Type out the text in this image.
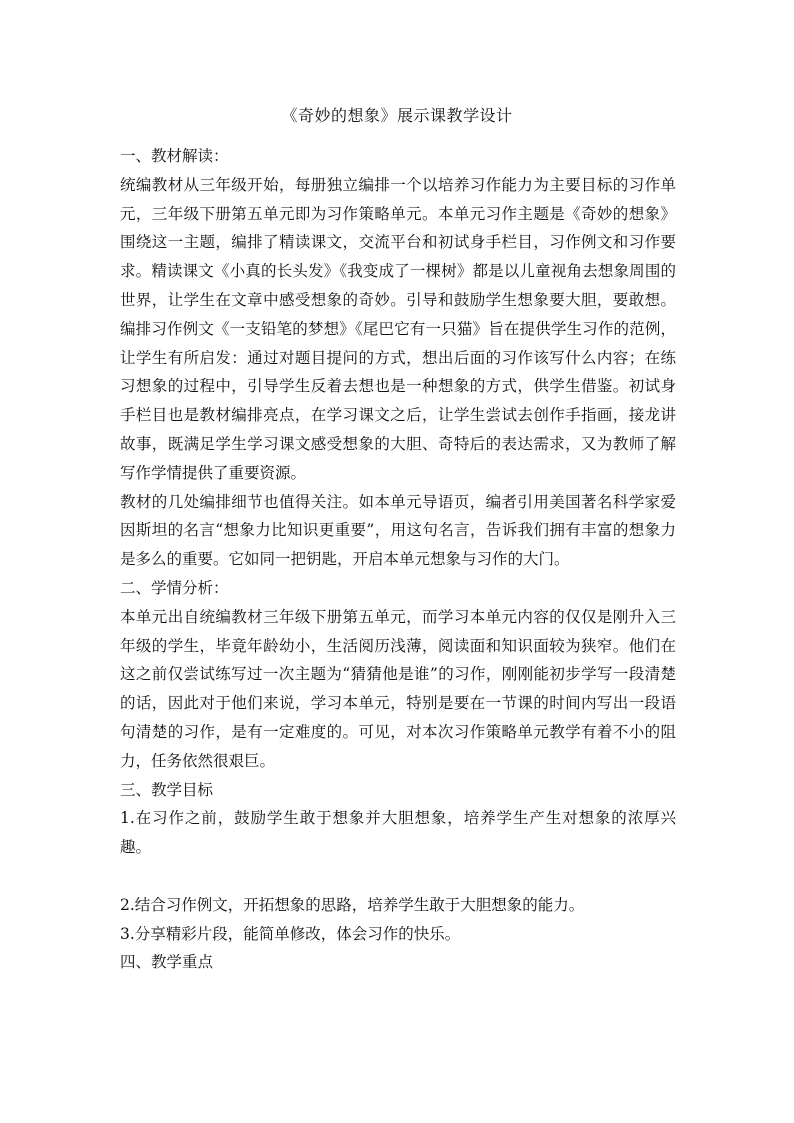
《奇妙的想象》展示课教学设计

一、教材解读：

统编教材从三年级开始，每册独立编排一个以培养习作能力为主要目标的习作单元，三年级下册第五单元即为习作策略单元。本单元习作主题是《奇妙的想象》围绕这一主题，编排了精读课文，交流平台和初试身手栏目，习作例文和习作要求。精读课文《小真的长头发》《我变成了一棵树》都是以儿童视角去想象周围的世界，让学生在文章中感受想象的奇妙。引导和鼓励学生想象要大胆，要敢想。编排习作例文《一支铅笔的梦想》《尾巴它有一只猫》旨在提供学生习作的范例，让学生有所启发：通过对题目提问的方式，想出后面的习作该写什么内容；在练习想象的过程中，引导学生反着去想也是一种想象的方式，供学生借鉴。初试身手栏目也是教材编排亮点，在学习课文之后，让学生尝试去创作手指画，接龙讲故事，既满足学生学习课文感受想象的大胆、奇特后的表达需求，又为教师了解写作学情提供了重要资源。

教材的几处编排细节也值得关注。如本单元导语页，编者引用美国著名科学家爱因斯坦的名言“想象力比知识更重要”，用这句名言，告诉我们拥有丰富的想象力是多么的重要。它如同一把钥匙，开启本单元想象与习作的大门。

二、学情分析：

本单元出自统编教材三年级下册第五单元，而学习本单元内容的仅仅是刚升入三年级的学生，毕竟年龄幼小，生活阅历浅薄，阅读面和知识面较为狭窄。他们在这之前仅尝试练写过一次主题为“猜猜他是谁”的习作，刚刚能初步学写一段清楚的话，因此对于他们来说，学习本单元，特别是要在一节课的时间内写出一段语句清楚的习作，是有一定难度的。可见，对本次习作策略单元教学有着不小的阻力，任务依然很艰巨。

三、教学目标

1.在习作之前，鼓励学生敢于想象并大胆想象，培养学生产生对想象的浓厚兴趣。

2.结合习作例文，开拓想象的思路，培养学生敢于大胆想象的能力。

3.分享精彩片段，能简单修改，体会习作的快乐。

四、教学重点
